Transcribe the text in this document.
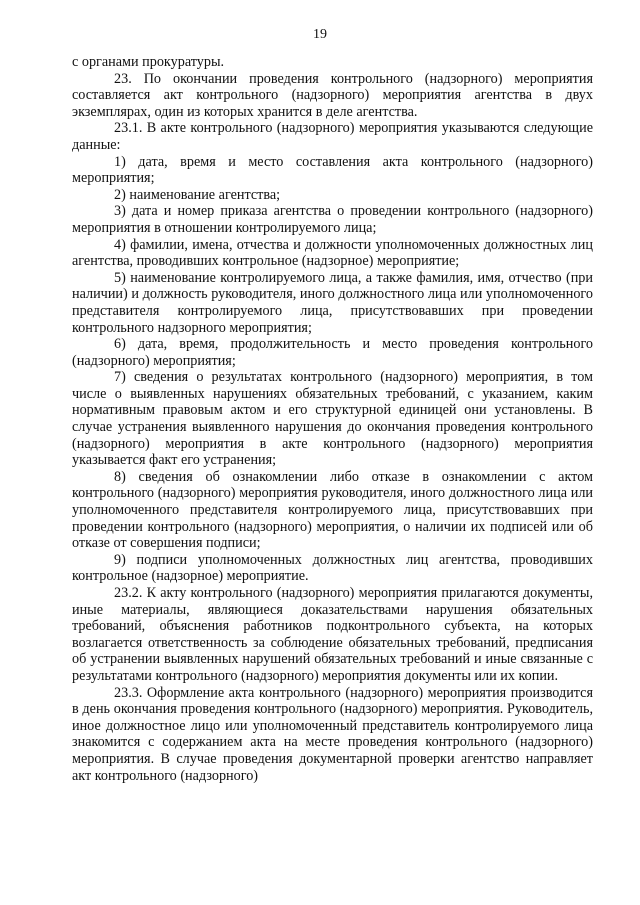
19

с органами прокуратуры.

23. По окончании проведения контрольного (надзорного) мероприятия составляется акт контрольного (надзорного) мероприятия агентства в двух экземплярах, один из которых хранится в деле агентства.

23.1. В акте контрольного (надзорного) мероприятия указываются следующие данные:

1) дата, время и место составления акта контрольного (надзорного) мероприятия;

2) наименование агентства;

3) дата и номер приказа агентства о проведении контрольного (надзорного) мероприятия в отношении контролируемого лица;

4) фамилии, имена, отчества и должности уполномоченных должностных лиц агентства, проводивших контрольное (надзорное) мероприятие;

5) наименование контролируемого лица, а также фамилия, имя, отчество (при наличии) и должность руководителя, иного должностного лица или уполномоченного представителя контролируемого лица, присутствовавших при проведении контрольного надзорного мероприятия;

6) дата, время, продолжительность и место проведения контрольного (надзорного) мероприятия;

7) сведения о результатах контрольного (надзорного) мероприятия, в том числе о выявленных нарушениях обязательных требований, с указанием, каким нормативным правовым актом и его структурной единицей они установлены. В случае устранения выявленного нарушения до окончания проведения контрольного (надзорного) мероприятия в акте контрольного (надзорного) мероприятия указывается факт его устранения;

8) сведения об ознакомлении либо отказе в ознакомлении с актом контрольного (надзорного) мероприятия руководителя, иного должностного лица или уполномоченного представителя контролируемого лица, присутствовавших при проведении контрольного (надзорного) мероприятия, о наличии их подписей или об отказе от совершения подписи;

9) подписи уполномоченных должностных лиц агентства, проводивших контрольное (надзорное) мероприятие.

23.2. К акту контрольного (надзорного) мероприятия прилагаются документы, иные материалы, являющиеся доказательствами нарушения обязательных требований, объяснения работников подконтрольного субъекта, на которых возлагается ответственность за соблюдение обязательных требований, предписания об устранении выявленных нарушений обязательных требований и иные связанные с результатами контрольного (надзорного) мероприятия документы или их копии.

23.3. Оформление акта контрольного (надзорного) мероприятия производится в день окончания проведения контрольного (надзорного) мероприятия. Руководитель, иное должностное лицо или уполномоченный представитель контролируемого лица знакомится с содержанием акта на месте проведения контрольного (надзорного) мероприятия. В случае проведения документарной проверки агентство направляет акт контрольного (надзорного)
